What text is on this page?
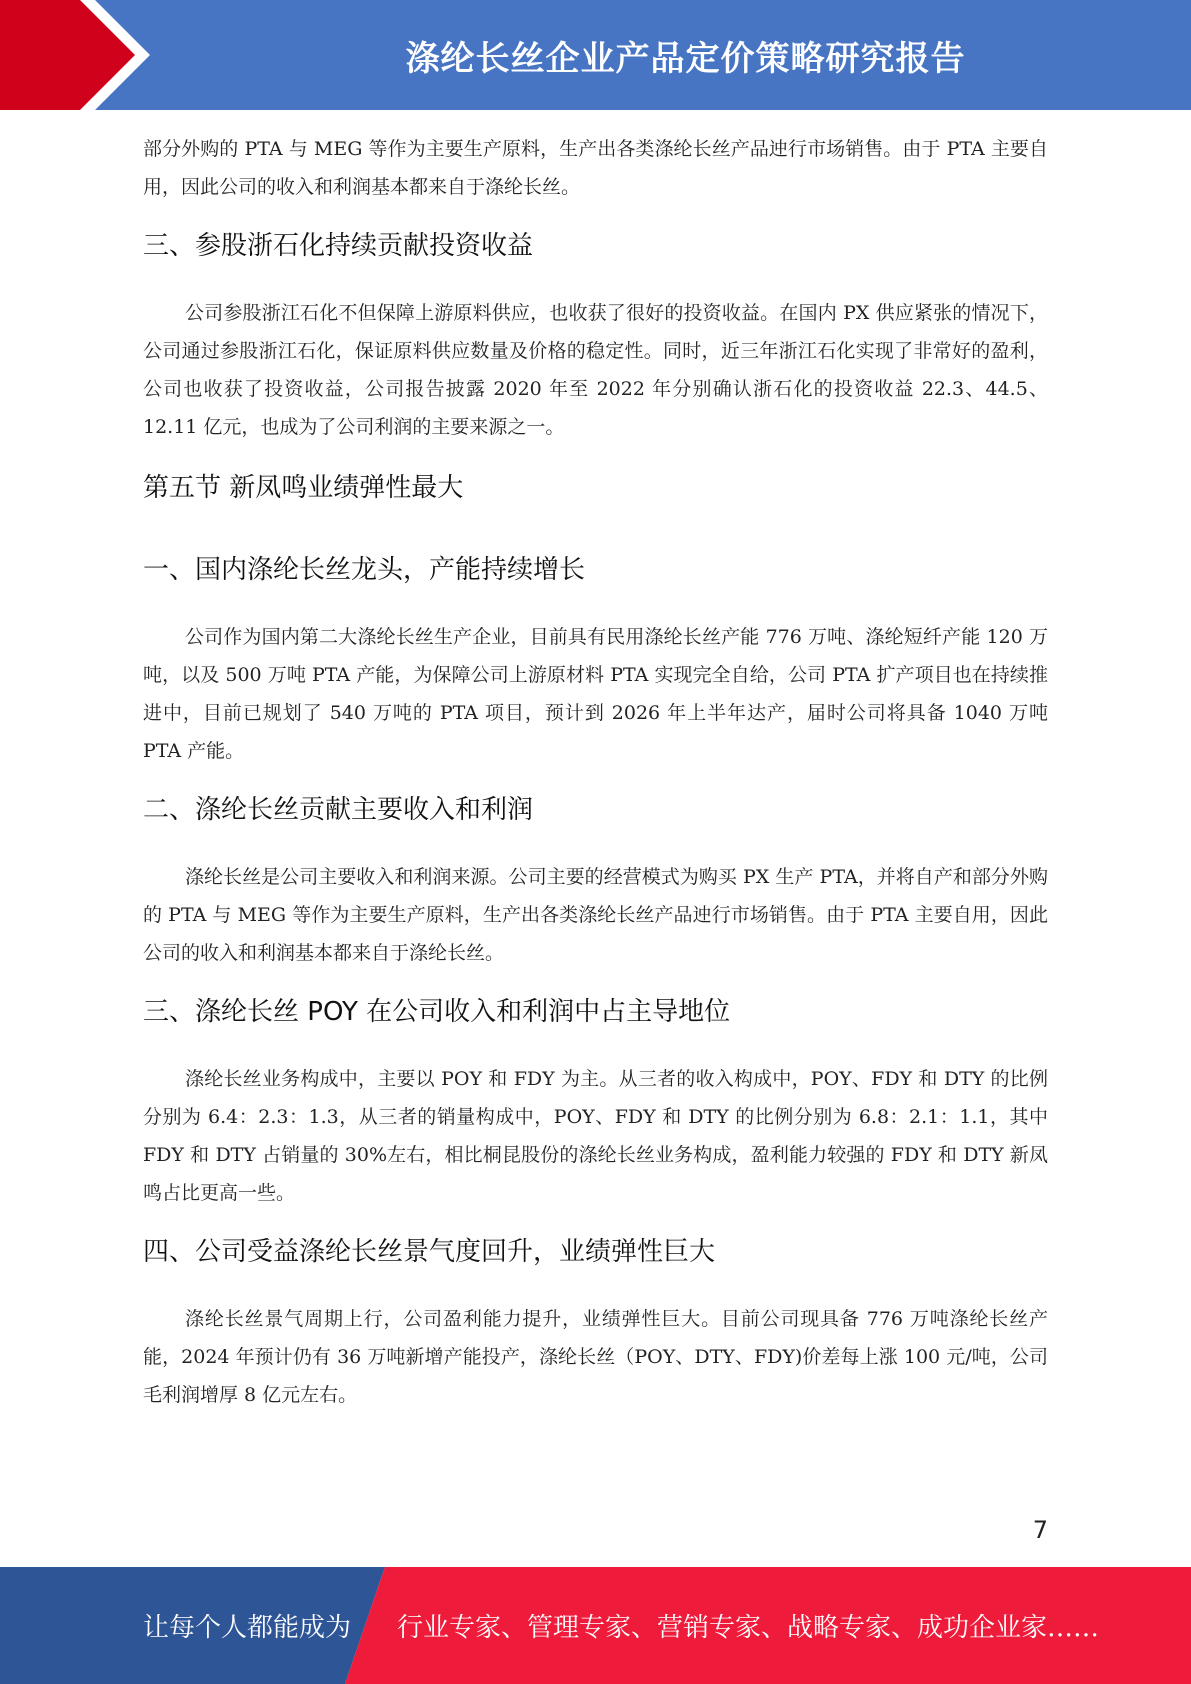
涤纶长丝企业产品定价策略研究报告

部分外购的 PTA 与 MEG 等作为主要生产原料，生产出各类涤纶长丝产品迚行市场销售。由于 PTA 主要自用，因此公司的收入和利润基本都来自于涤纶长丝。

三、参股浙石化持续贡献投资收益

公司参股浙江石化不但保障上游原料供应，也收获了很好的投资收益。在国内 PX 供应紧张的情况下，公司通过参股浙江石化，保证原料供应数量及价格的稳定性。同时，近三年浙江石化实现了非常好的盈利，公司也收获了投资收益，公司报告披露 2020 年至 2022 年分别确认浙石化的投资收益 22.3、44.5、12.11 亿元，也成为了公司利润的主要来源之一。

第五节 新凤鸣业绩弹性最大
一、国内涤纶长丝龙头，产能持续增长

公司作为国内第二大涤纶长丝生产企业，目前具有民用涤纶长丝产能 776 万吨、涤纶短纤产能 120 万吨，以及 500 万吨 PTA 产能，为保障公司上游原材料 PTA 实现完全自给，公司 PTA 扩产项目也在持续推进中，目前已规划了 540 万吨的 PTA 项目，预计到 2026 年上半年达产，届时公司将具备 1040 万吨 PTA 产能。

二、涤纶长丝贡献主要收入和利润

涤纶长丝是公司主要收入和利润来源。公司主要的经营模式为购买 PX 生产 PTA，并将自产和部分外购的 PTA 与 MEG 等作为主要生产原料，生产出各类涤纶长丝产品迚行市场销售。由于 PTA 主要自用，因此公司的收入和利润基本都来自于涤纶长丝。

三、涤纶长丝 POY 在公司收入和利润中占主导地位

涤纶长丝业务构成中，主要以 POY 和 FDY 为主。从三者的收入构成中，POY、FDY 和 DTY 的比例分别为 6.4：2.3：1.3，从三者的销量构成中，POY、FDY 和 DTY 的比例分别为 6.8：2.1：1.1，其中 FDY 和 DTY 占销量的 30%左右，相比桐昆股份的涤纶长丝业务构成，盈利能力较强的 FDY 和 DTY 新凤鸣占比更高一些。

四、公司受益涤纶长丝景气度回升，业绩弹性巨大

涤纶长丝景气周期上行，公司盈利能力提升，业绩弹性巨大。目前公司现具备 776 万吨涤纶长丝产能，2024 年预计仍有 36 万吨新增产能投产，涤纶长丝（POY、DTY、FDY)价差每上涨 100 元/吨，公司毛利润增厚 8 亿元左右。

7
让每个人都能成为 行业专家、管理专家、营销专家、战略专家、成功企业家……
